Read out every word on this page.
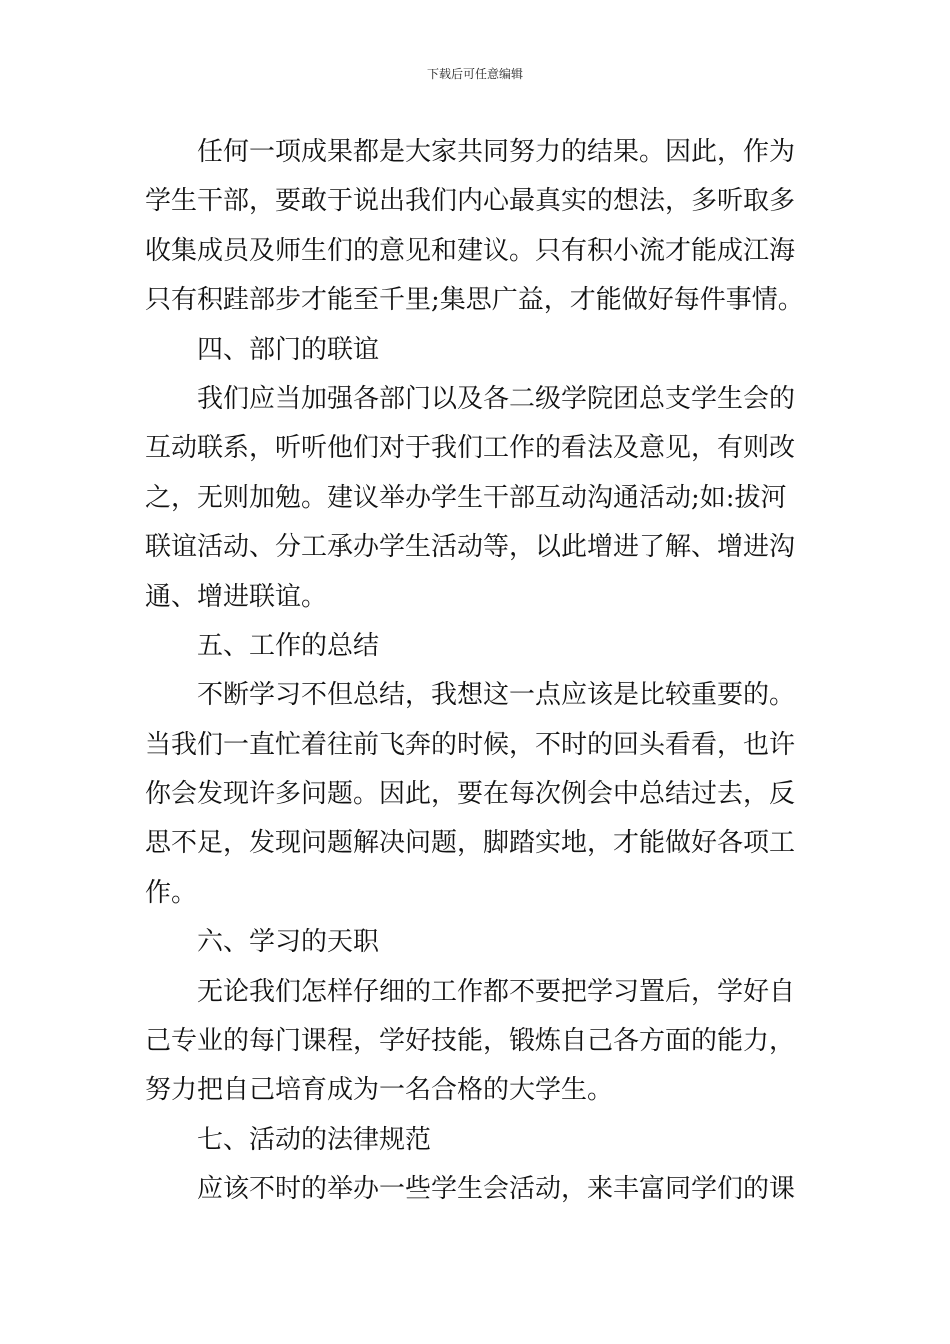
下载后可任意编辑
任何一项成果都是大家共同努力的结果。因此，作为
学生干部，要敢于说出我们内心最真实的想法，多听取多
收集成员及师生们的意见和建议。只有积小流才能成江海
只有积跬部步才能至千里;集思广益，才能做好每件事情。
四、部门的联谊
我们应当加强各部门以及各二级学院团总支学生会的
互动联系，听听他们对于我们工作的看法及意见，有则改
之，无则加勉。建议举办学生干部互动沟通活动;如:拔河
联谊活动、分工承办学生活动等，以此增进了解、增进沟
通、增进联谊。
五、工作的总结
不断学习不但总结，我想这一点应该是比较重要的。
当我们一直忙着往前飞奔的时候，不时的回头看看，也许
你会发现许多问题。因此，要在每次例会中总结过去，反
思不足，发现问题解决问题，脚踏实地，才能做好各项工
作。
六、学习的天职
无论我们怎样仔细的工作都不要把学习置后，学好自
己专业的每门课程，学好技能，锻炼自己各方面的能力，
努力把自己培育成为一名合格的大学生。
七、活动的法律规范
应该不时的举办一些学生会活动，来丰富同学们的课
